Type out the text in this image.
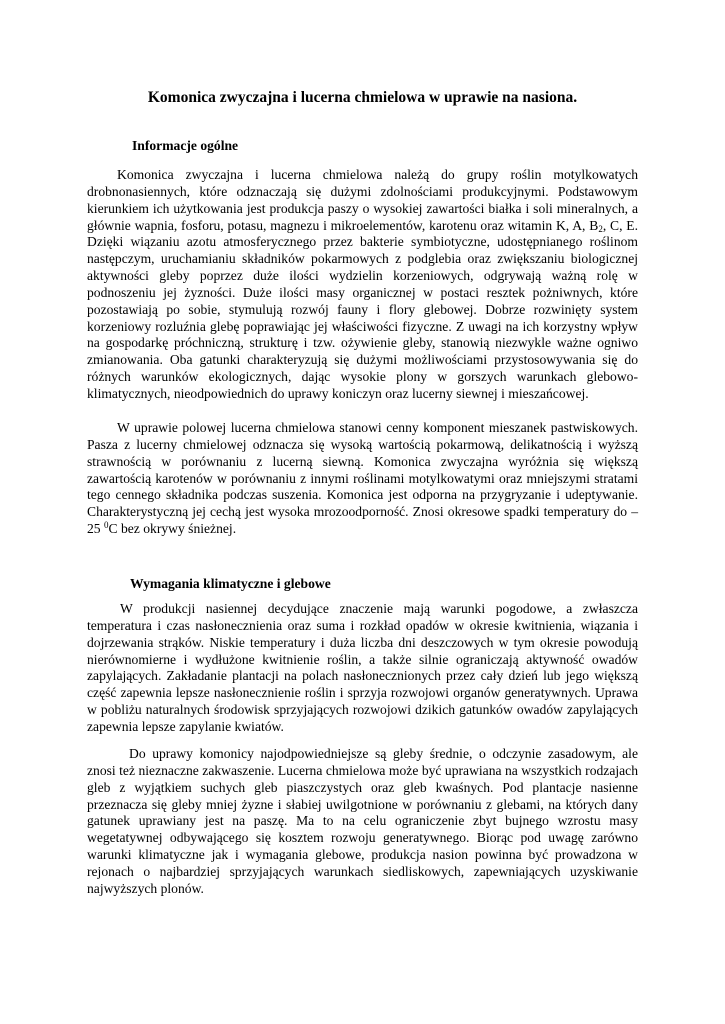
Komonica zwyczajna i lucerna chmielowa w uprawie na nasiona.
Informacje ogólne
Komonica zwyczajna i lucerna chmielowa należą do grupy roślin motylkowatych drobnonasiennych, które odznaczają się dużymi zdolnościami produkcyjnymi. Podstawowym kierunkiem ich użytkowania jest produkcja paszy o wysokiej zawartości białka i soli mineralnych, a głównie wapnia, fosforu, potasu, magnezu i mikroelementów, karotenu oraz witamin K, A, $B_2$, C, E. Dzięki wiązaniu azotu atmosferycznego przez bakterie symbiotyczne, udostępnianego roślinom następczym, uruchamianiu składników pokarmowych z podglebia oraz zwiększaniu biologicznej aktywności gleby poprzez duże ilości wydzielin korzeniowych, odgrywają ważną rolę w podnoszeniu jej żyzności. Duże ilości masy organicznej w postaci resztek pożniwnych, które pozostawiają po sobie, stymulują rozwój fauny i flory glebowej. Dobrze rozwinięty system korzeniowy rozluźnia glebę poprawiając jej właściwości fizyczne. Z uwagi na ich korzystny wpływ na gospodarkę próchniczną, strukturę i tzw. ożywienie gleby, stanowią niezwykle ważne ogniwo zmianowania. Oba gatunki charakteryzują się dużymi możliwościami przystosowywania się do różnych warunków ekologicznych, dając wysokie plony w gorszych warunkach glebowo-klimatycznych, nieodpowiednich do uprawy koniczyn oraz lucerny siewnej i mieszańcowej.
W uprawie polowej lucerna chmielowa stanowi cenny komponent mieszanek pastwiskowych. Pasza z lucerny chmielowej odznacza się wysoką wartością pokarmową, delikatnością i wyższą strawnością w porównaniu z lucerną siewną. Komonica zwyczajna wyróżnia się większą zawartością karotenów w porównaniu z innymi roślinami motylkowatymi oraz mniejszymi stratami tego cennego składnika podczas suszenia. Komonica jest odporna na przygryzanie i udeptywanie. Charakterystyczną jej cechą jest wysoka mrozoodporność. Znosi okresowe spadki temperatury do – 25 $^0$C bez okrywy śnieżnej.
Wymagania klimatyczne i glebowe
W produkcji nasiennej decydujące znaczenie mają warunki pogodowe, a zwłaszcza temperatura i czas nasłonecznienia oraz suma i rozkład opadów w okresie kwitnienia, wiązania i dojrzewania strąków. Niskie temperatury i duża liczba dni deszczowych w tym okresie powodują nierównomierne i wydłużone kwitnienie roślin, a także silnie ograniczają aktywność owadów zapylających. Zakładanie plantacji na polach nasłonecznionych przez cały dzień lub jego większą część zapewnia lepsze nasłonecznienie roślin i sprzyja rozwojowi organów generatywnych. Uprawa w pobliżu naturalnych środowisk sprzyjających rozwojowi dzikich gatunków owadów zapylających zapewnia lepsze zapylanie kwiatów.
Do uprawy komonicy najodpowiedniejsze są gleby średnie, o odczynie zasadowym, ale znosi też nieznaczne zakwaszenie. Lucerna chmielowa może być uprawiana na wszystkich rodzajach gleb z wyjątkiem suchych gleb piaszczystych oraz gleb kwaśnych. Pod plantacje nasienne przeznacza się gleby mniej żyzne i słabiej uwilgotnione w porównaniu z glebami, na których dany gatunek uprawiany jest na paszę. Ma to na celu ograniczenie zbyt bujnego wzrostu masy wegetatywnej odbywającego się kosztem rozwoju generatywnego. Biorąc pod uwagę zarówno warunki klimatyczne jak i wymagania glebowe, produkcja nasion powinna być prowadzona w rejonach o najbardziej sprzyjających warunkach siedliskowych, zapewniających uzyskiwanie najwyższych plonów.
